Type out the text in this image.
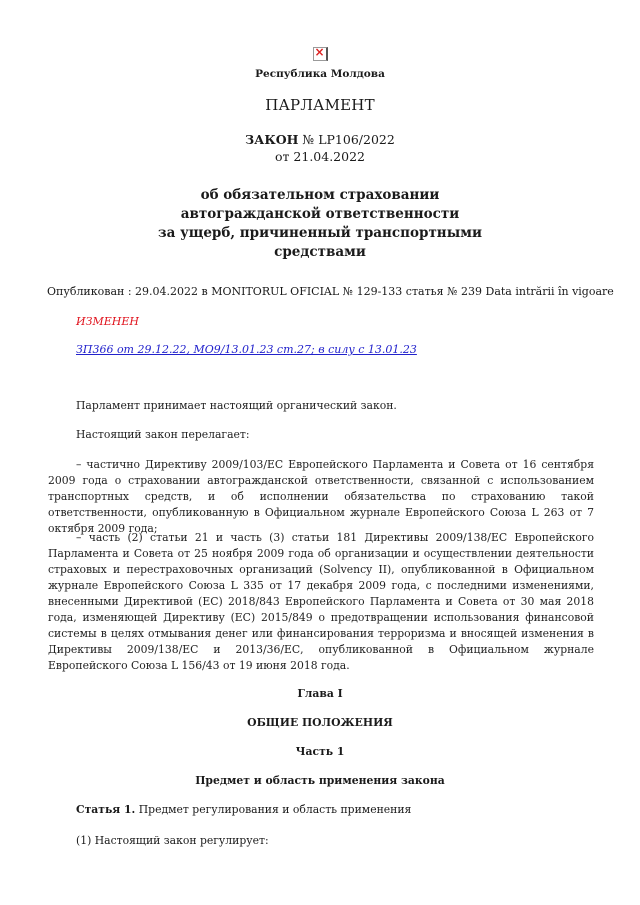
×
Республика Молдова
ПАРЛАМЕНТ
ЗАКОН № LP106/2022
от 21.04.2022
об обязательном страховании
автогражданской ответственности
за ущерб, причиненный транспортными
средствами
Опубликован : 29.04.2022 в MONITORUL OFICIAL № 129-133 статья № 239 Data intrării în vigoare
ИЗМЕНЕН
ЗП366 от 29.12.22, MO9/13.01.23 ст.27; в силу с 13.01.23
Парламент принимает настоящий органический закон.
Настоящий закон перелагает:
– частично Директиву 2009/103/ЕС Европейского Парламента и Совета от 16 сентября 2009 года о страховании автогражданской ответственности, связанной с использованием транспортных средств, и об исполнении обязательства по страхованию такой ответственности, опубликованную в Официальном журнале Европейского Союза L 263 от 7 октября 2009 года;
– часть (2) статьи 21 и часть (3) статьи 181 Директивы 2009/138/ЕС Европейского Парламента и Совета от 25 ноября 2009 года об организации и осуществлении деятельности страховых и перестраховочных организаций (Solvency II), опубликованной в Официальном журнале Европейского Союза L 335 от 17 декабря 2009 года, с последними изменениями, внесенными Директивой (ЕС) 2018/843 Европейского Парламента и Совета от 30 мая 2018 года, изменяющей Директиву (ЕС) 2015/849 о предотвращении использования финансовой системы в целях отмывания денег или финансирования терроризма и вносящей изменения в Директивы 2009/138/ЕС и 2013/36/ЕС, опубликованной в Официальном журнале Европейского Союза L 156/43 от 19 июня 2018 года.
Глава I
ОБЩИЕ ПОЛОЖЕНИЯ
Часть 1
Предмет и область применения закона
Статья 1. Предмет регулирования и область применения
(1) Настоящий закон регулирует:
